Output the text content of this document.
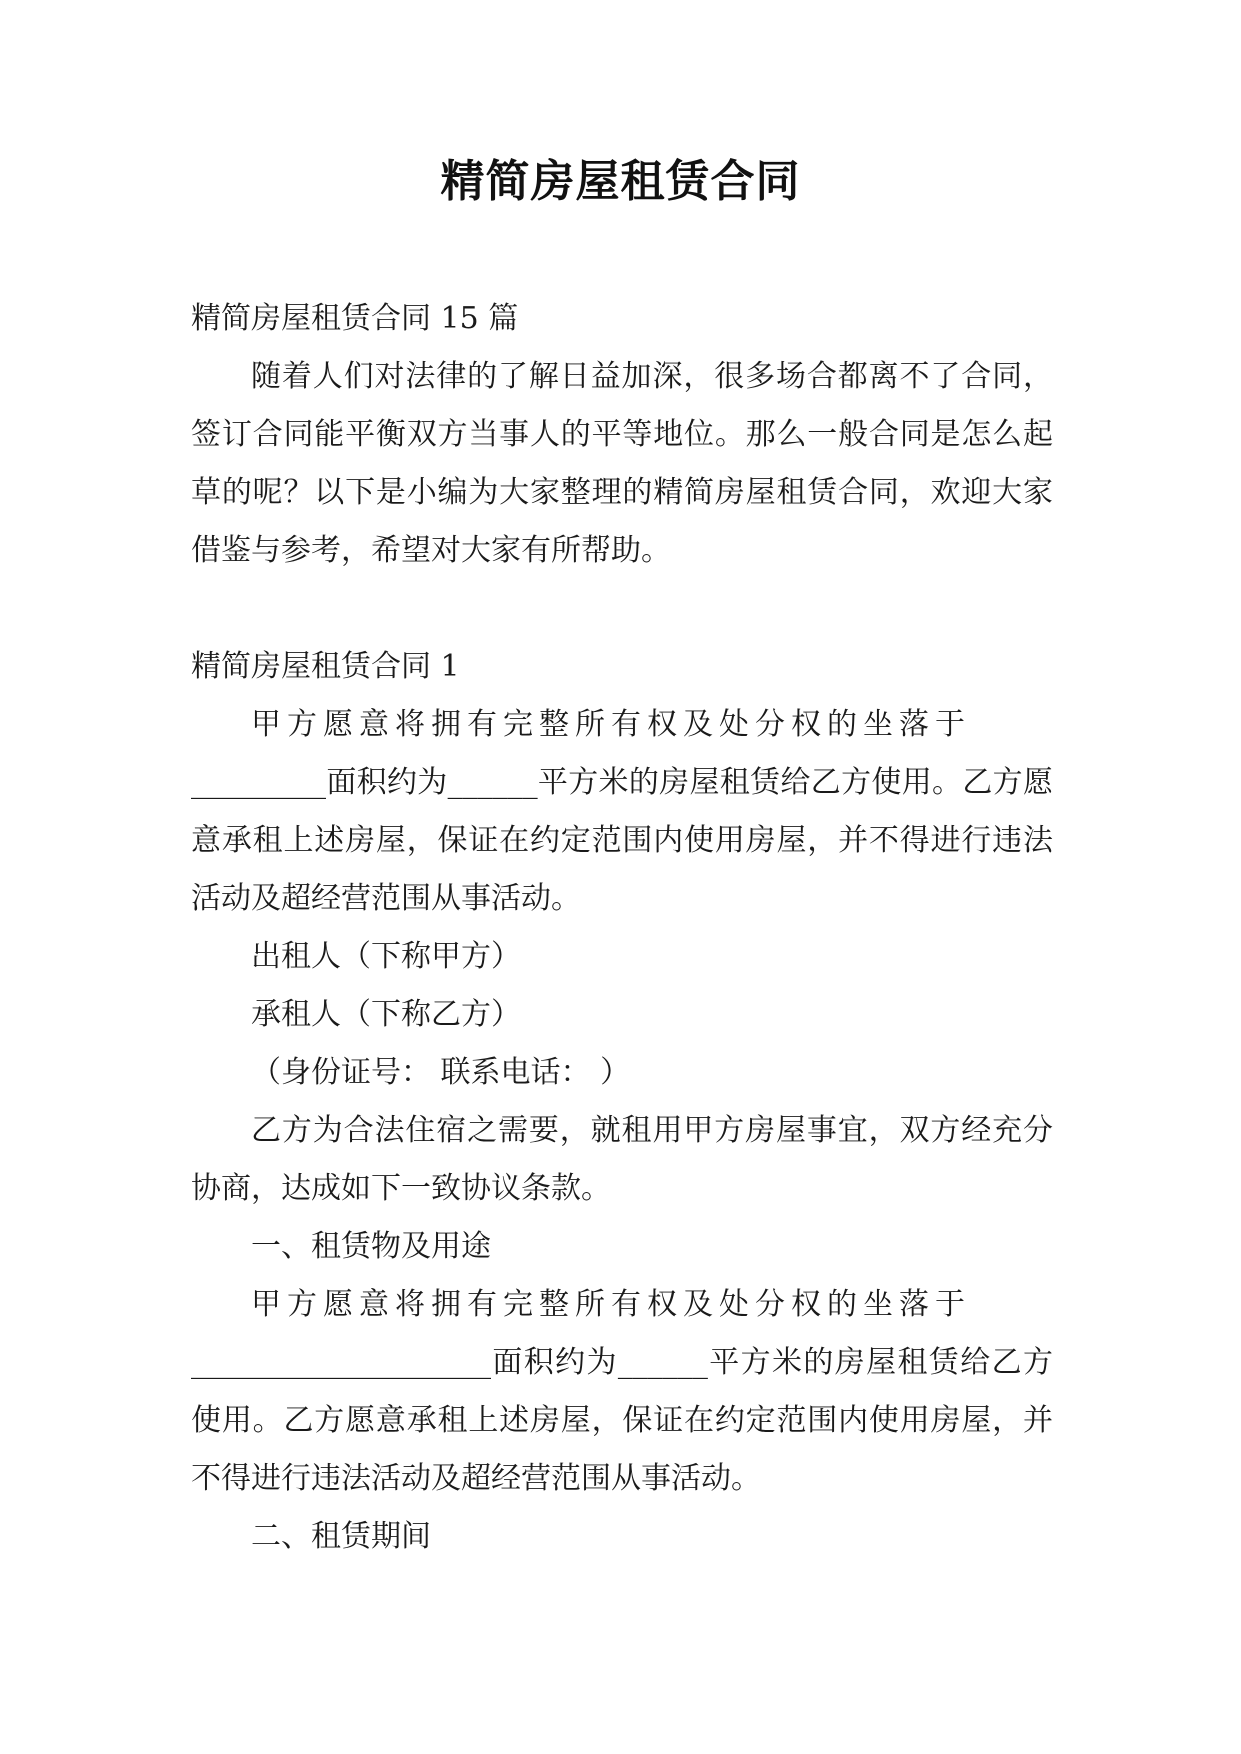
精简房屋租赁合同

精简房屋租赁合同 15 篇

随着人们对法律的了解日益加深，很多场合都离不了合同，签订合同能平衡双方当事人的平等地位。那么一般合同是怎么起草的呢？以下是小编为大家整理的精简房屋租赁合同，欢迎大家借鉴与参考，希望对大家有所帮助。

精简房屋租赁合同 1

甲方愿意将拥有完整所有权及处分权的坐落于

_________面积约为______平方米的房屋租赁给乙方使用。乙方愿意承租上述房屋，保证在约定范围内使用房屋，并不得进行违法活动及超经营范围从事活动。

出租人（下称甲方）

承租人（下称乙方）

（身份证号： 联系电话： ）

乙方为合法住宿之需要，就租用甲方房屋事宜，双方经充分协商，达成如下一致协议条款。

一、租赁物及用途

甲方愿意将拥有完整所有权及处分权的坐落于

____________________面积约为______平方米的房屋租赁给乙方使用。乙方愿意承租上述房屋，保证在约定范围内使用房屋，并不得进行违法活动及超经营范围从事活动。

二、租赁期间
